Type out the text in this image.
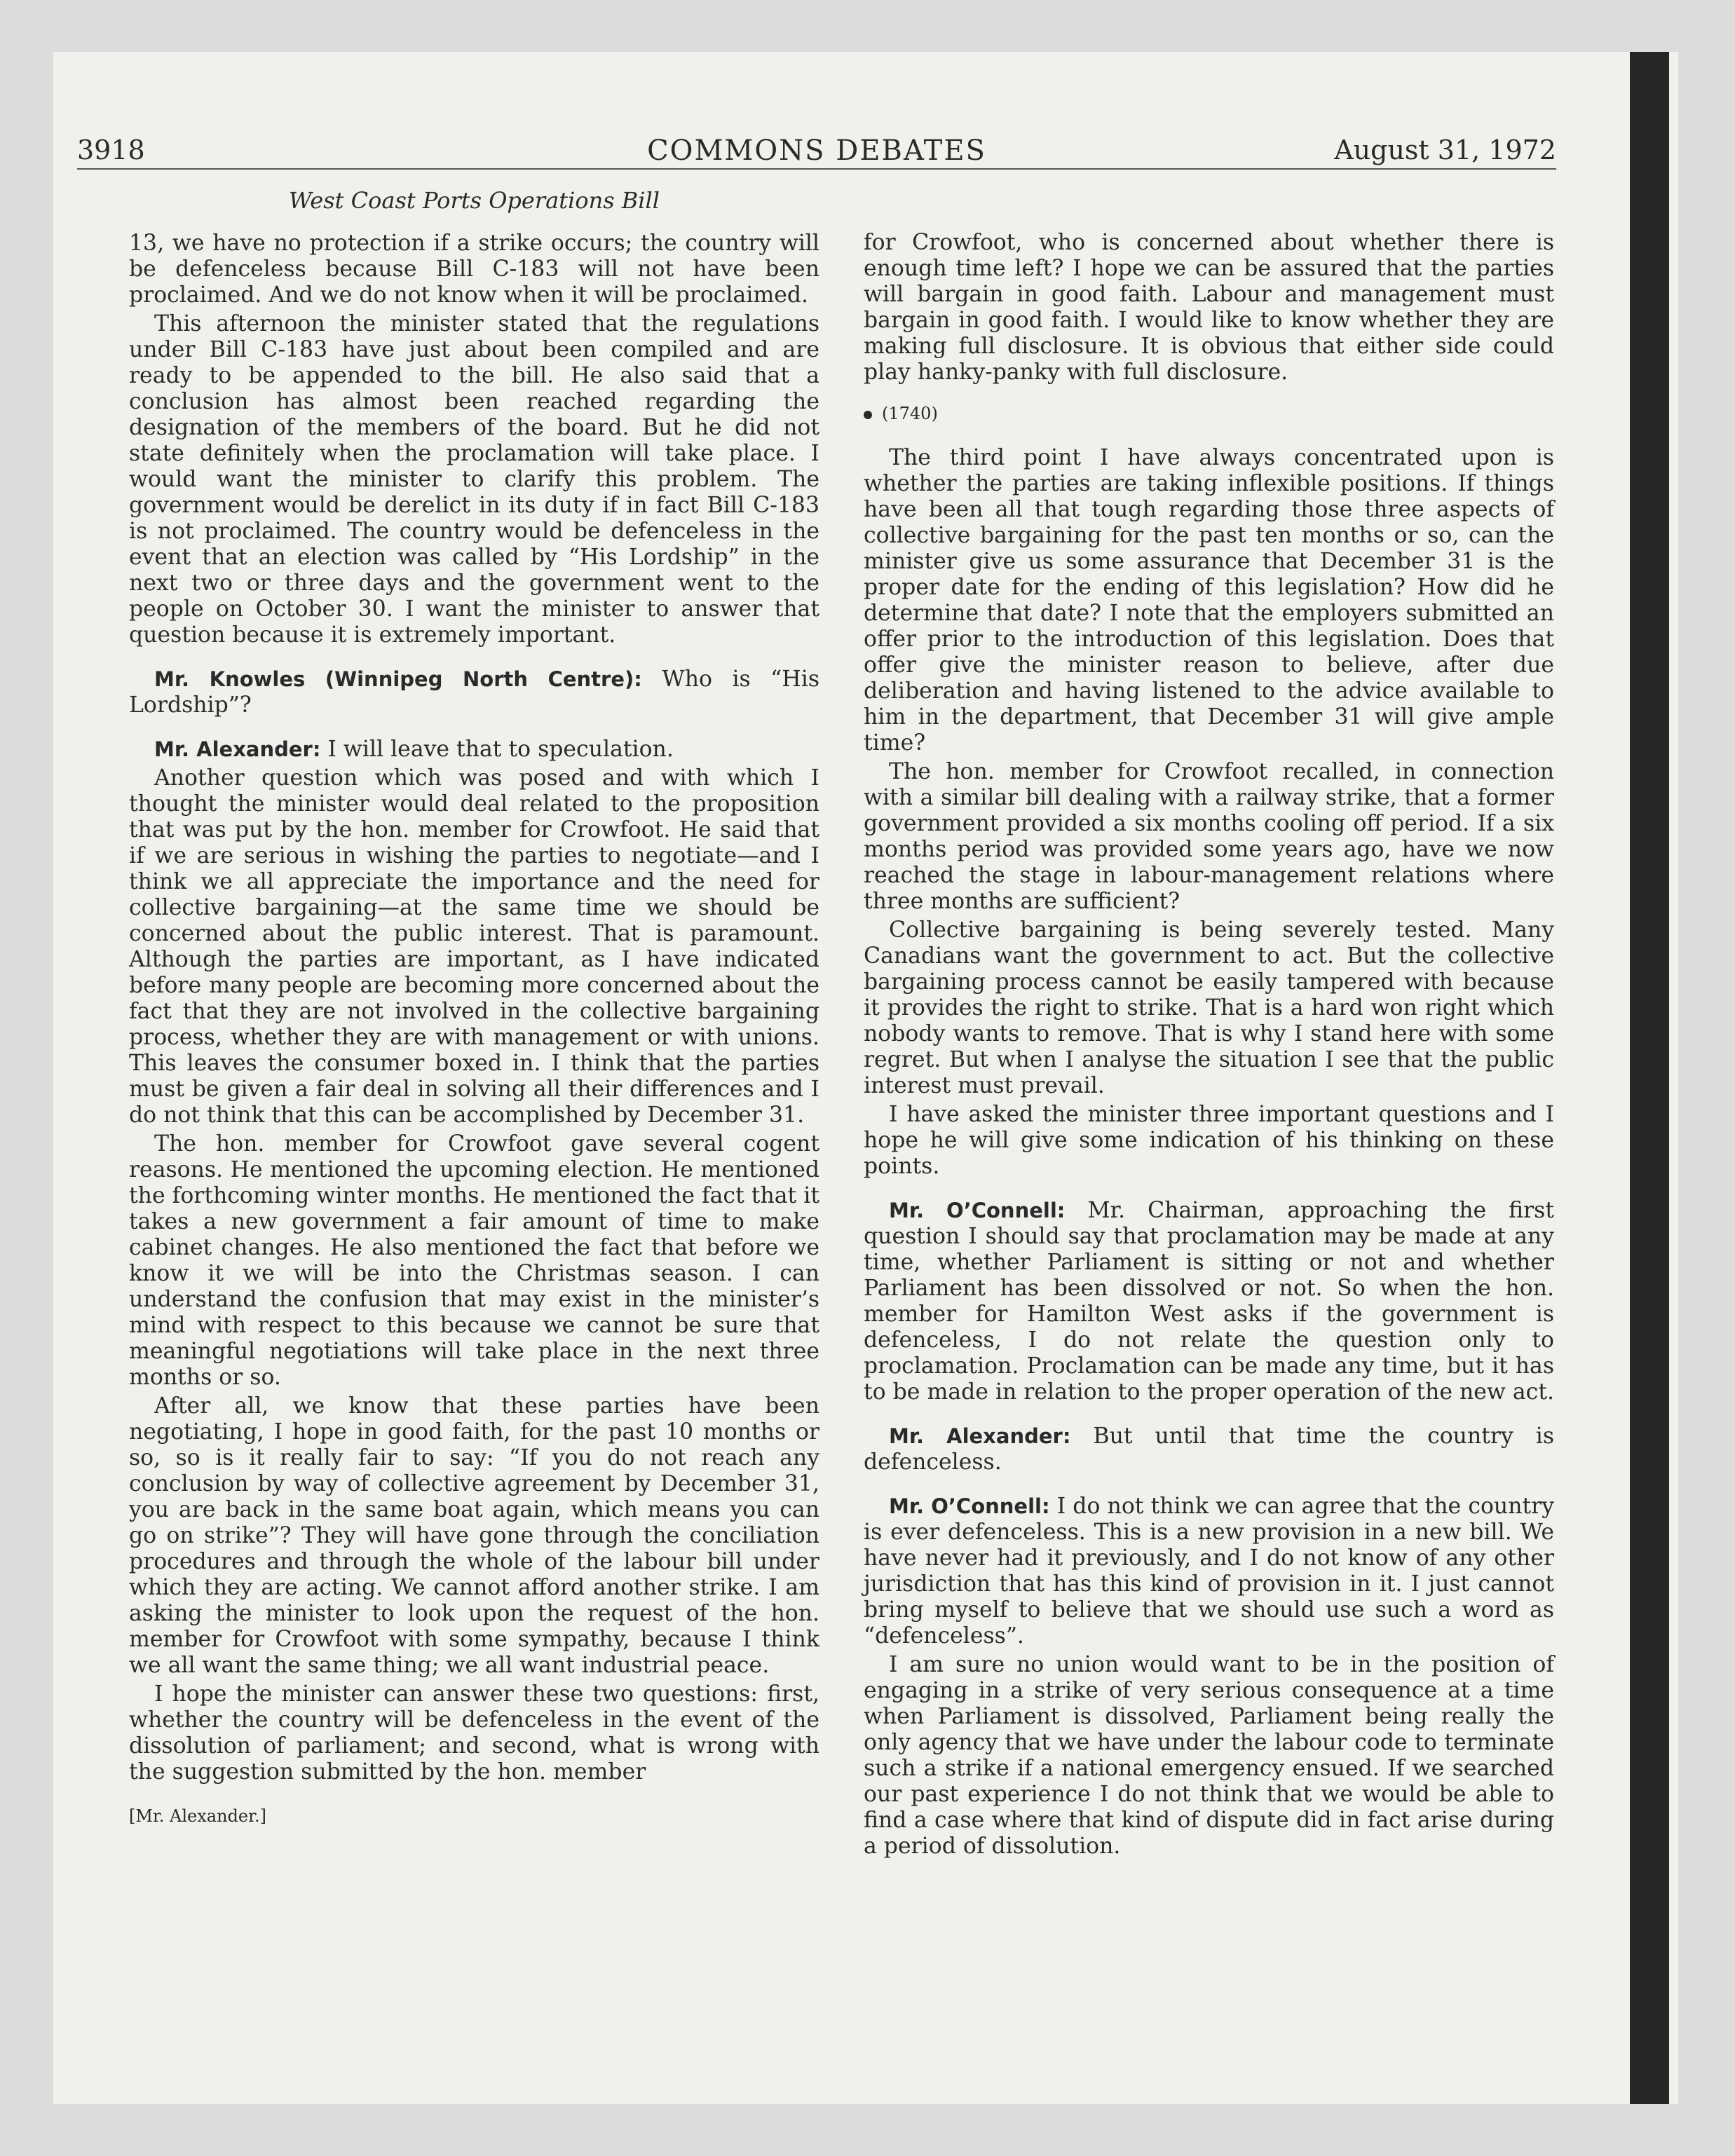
3918	COMMONS DEBATES	August 31, 1972
West Coast Ports Operations Bill

13, we have no protection if a strike occurs; the country will be defenceless because Bill C-183 will not have been proclaimed. And we do not know when it will be proclaimed.

This afternoon the minister stated that the regulations under Bill C-183 have just about been compiled and are ready to be appended to the bill. He also said that a conclusion has almost been reached regarding the designation of the members of the board. But he did not state definitely when the proclamation will take place. I would want the minister to clarify this problem. The government would be derelict in its duty if in fact Bill C-183 is not proclaimed. The country would be defenceless in the event that an election was called by “His Lordship” in the next two or three days and the government went to the people on October 30. I want the minister to answer that question because it is extremely important.

Mr. Knowles (Winnipeg North Centre): Who is “His Lordship”?

Mr. Alexander: I will leave that to speculation.

Another question which was posed and with which I thought the minister would deal related to the proposition that was put by the hon. member for Crowfoot. He said that if we are serious in wishing the parties to negotiate—and I think we all appreciate the importance and the need for collective bargaining—at the same time we should be concerned about the public interest. That is paramount. Although the parties are important, as I have indicated before many people are becoming more concerned about the fact that they are not involved in the collective bargaining process, whether they are with management or with unions. This leaves the consumer boxed in. I think that the parties must be given a fair deal in solving all their differences and I do not think that this can be accomplished by December 31.

The hon. member for Crowfoot gave several cogent reasons. He mentioned the upcoming election. He mentioned the forthcoming winter months. He mentioned the fact that it takes a new government a fair amount of time to make cabinet changes. He also mentioned the fact that before we know it we will be into the Christmas season. I can understand the confusion that may exist in the minister’s mind with respect to this because we cannot be sure that meaningful negotiations will take place in the next three months or so.

After all, we know that these parties have been negotiating, I hope in good faith, for the past 10 months or so, so is it really fair to say: “If you do not reach any conclusion by way of collective agreement by December 31, you are back in the same boat again, which means you can go on strike”? They will have gone through the conciliation procedures and through the whole of the labour bill under which they are acting. We cannot afford another strike. I am asking the minister to look upon the request of the hon. member for Crowfoot with some sympathy, because I think we all want the same thing; we all want industrial peace.

I hope the minister can answer these two questions: first, whether the country will be defenceless in the event of the dissolution of parliament; and second, what is wrong with the suggestion submitted by the hon. member

[Mr. Alexander.]

for Crowfoot, who is concerned about whether there is enough time left? I hope we can be assured that the parties will bargain in good faith. Labour and management must bargain in good faith. I would like to know whether they are making full disclosure. It is obvious that either side could play hanky-panky with full disclosure.

(1740)

The third point I have always concentrated upon is whether the parties are taking inflexible positions. If things have been all that tough regarding those three aspects of collective bargaining for the past ten months or so, can the minister give us some assurance that December 31 is the proper date for the ending of this legislation? How did he determine that date? I note that the employers submitted an offer prior to the introduction of this legislation. Does that offer give the minister reason to believe, after due deliberation and having listened to the advice available to him in the department, that December 31 will give ample time?

The hon. member for Crowfoot recalled, in connection with a similar bill dealing with a railway strike, that a former government provided a six months cooling off period. If a six months period was provided some years ago, have we now reached the stage in labour-management relations where three months are sufficient?

Collective bargaining is being severely tested. Many Canadians want the government to act. But the collective bargaining process cannot be easily tampered with because it provides the right to strike. That is a hard won right which nobody wants to remove. That is why I stand here with some regret. But when I analyse the situation I see that the public interest must prevail.

I have asked the minister three important questions and I hope he will give some indication of his thinking on these points.

Mr. O’Connell: Mr. Chairman, approaching the first question I should say that proclamation may be made at any time, whether Parliament is sitting or not and whether Parliament has been dissolved or not. So when the hon. member for Hamilton West asks if the government is defenceless, I do not relate the question only to proclamation. Proclamation can be made any time, but it has to be made in relation to the proper operation of the new act.

Mr. Alexander: But until that time the country is defenceless.

Mr. O’Connell: I do not think we can agree that the country is ever defenceless. This is a new provision in a new bill. We have never had it previously, and I do not know of any other jurisdiction that has this kind of provision in it. I just cannot bring myself to believe that we should use such a word as “defenceless”.

I am sure no union would want to be in the position of engaging in a strike of very serious consequence at a time when Parliament is dissolved, Parliament being really the only agency that we have under the labour code to terminate such a strike if a national emergency ensued. If we searched our past experience I do not think that we would be able to find a case where that kind of dispute did in fact arise during a period of dissolution.
